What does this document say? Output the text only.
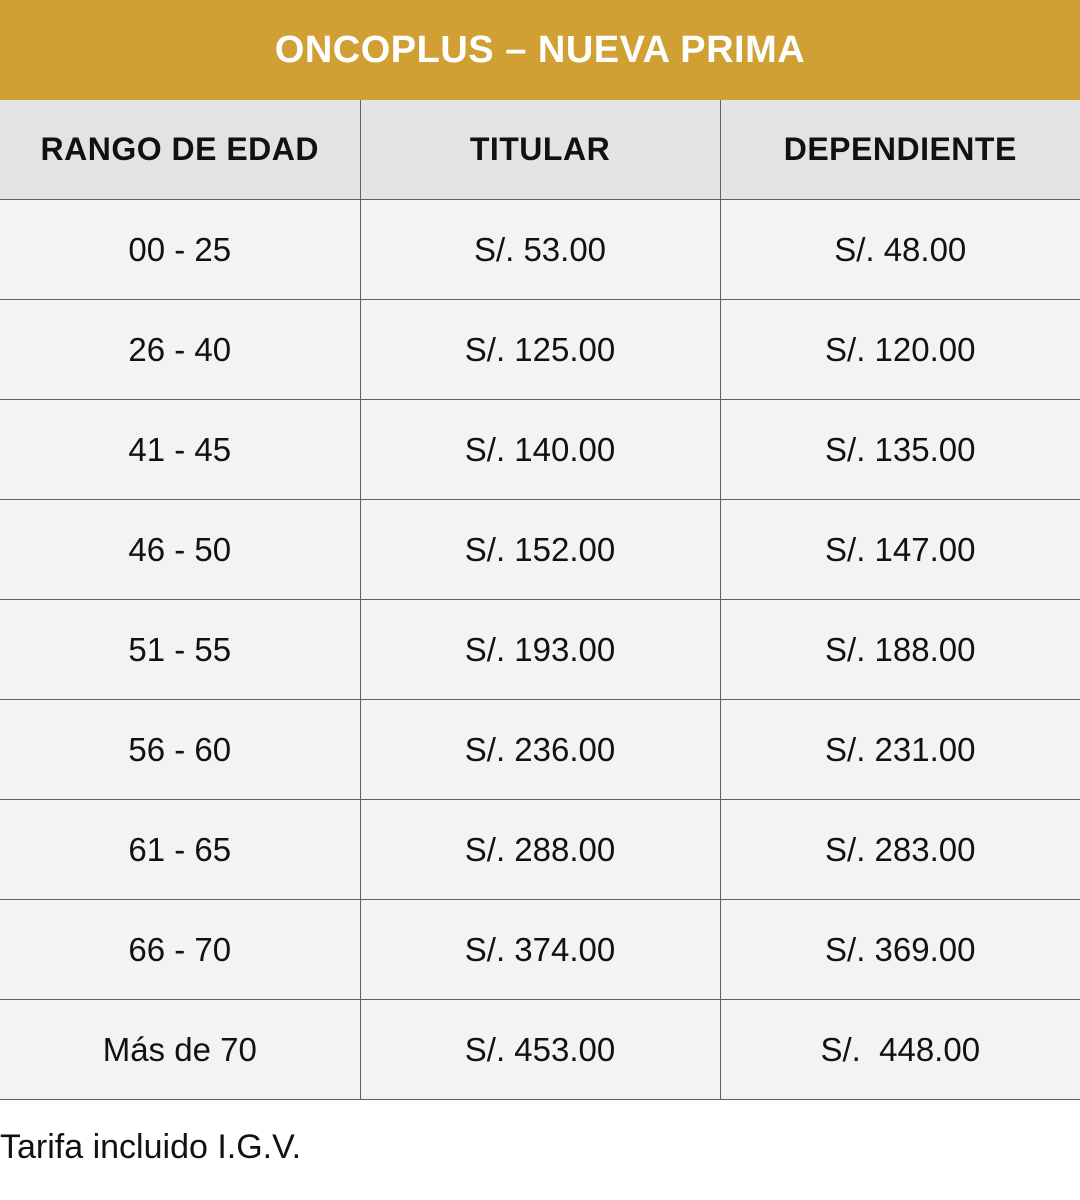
ONCOPLUS – NUEVA PRIMA
RANGO DE EDAD	TITULAR	DEPENDIENTE
00 - 25	S/. 53.00	S/. 48.00
26 - 40	S/. 125.00	S/. 120.00
41 - 45	S/. 140.00	S/. 135.00
46 - 50	S/. 152.00	S/. 147.00
51 - 55	S/. 193.00	S/. 188.00
56 - 60	S/. 236.00	S/. 231.00
61 - 65	S/. 288.00	S/. 283.00
66 - 70	S/. 374.00	S/. 369.00
Más de 70	S/. 453.00	S/.  448.00
Tarifa incluido I.G.V.
